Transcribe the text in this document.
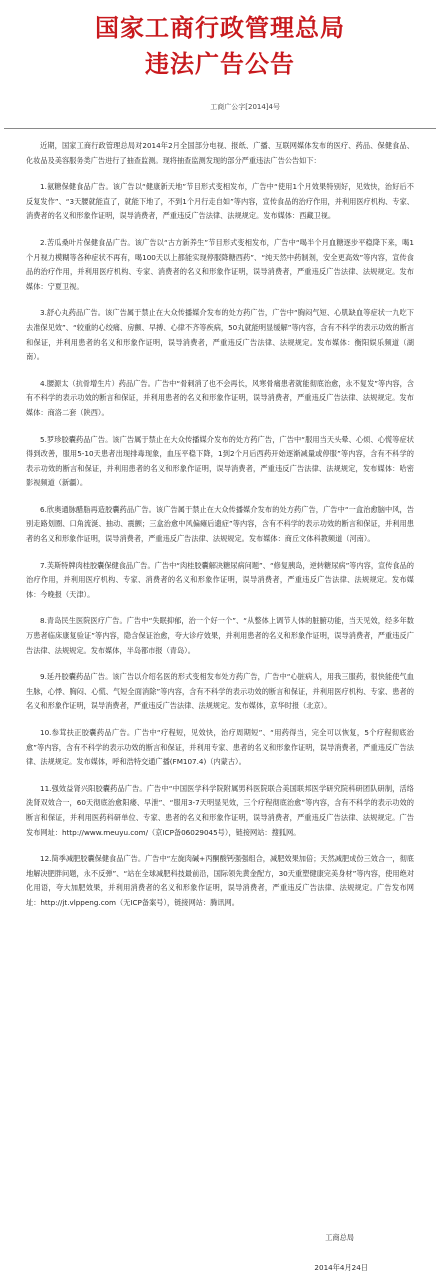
国家工商行政管理总局
违法广告公告
工商广公字[2014]4号

近期，国家工商行政管理总局对2014年2月全国部分电视、报纸、广播、互联网媒体发布的医疗、药品、保健食品、化妆品及美容服务类广告进行了抽查监测。现将抽查监测发现的部分严重违法广告公告如下：

1.氨糖保健食品广告。该广告以“健康新天地”节目形式变相发布，广告中“使用1个月效果特别好，见效快，治好后不反复发作”、“3天腰就能直了，就能下地了，不到1个月行走自如”等内容，宣传食品的治疗作用，并利用医疗机构、专家、消费者的名义和形象作证明，误导消费者，严重违反广告法律、法规规定。发布媒体：西藏卫视。

2.苦瓜桑叶片保健食品广告。该广告以“古方新养生”节目形式变相发布，广告中“喝半个月血糖逐步平稳降下来，喝1个月视力模糊等各种症状不再有，喝100天以上都能实现停服降糖西药”、“纯天然中药制剂，安全更高效”等内容，宣传食品的治疗作用，并利用医疗机构、专家、消费者的名义和形象作证明，误导消费者，严重违反广告法律、法规规定。发布媒体：宁夏卫视。

3.舒心丸药品广告。该广告属于禁止在大众传播媒介发布的处方药广告，广告中“胸闷气短、心肌缺血等症状一九吃下去准保见效”、“较重的心绞痛、房颤、早搏、心律不齐等疾病，50丸就能明显缓解”等内容，含有不科学的表示功效的断言和保证，并利用患者的名义和形象作证明，误导消费者，严重违反广告法律、法规规定。发布媒体：衡阳娱乐频道（湖南）。

4.腰源太（抗骨增生片）药品广告。广告中“骨刺消了也不会再长，风寒骨痛患者就能彻底治愈，永不复发”等内容，含有不科学的表示功效的断言和保证，并利用患者的名义和形象作证明，误导消费者，严重违反广告法律、法规规定。发布媒体：商洛二套（陕西）。

5.罗珍胶囊药品广告。该广告属于禁止在大众传播媒介发布的处方药广告，广告中“服用当天头晕、心烦、心慌等症状得到改善，服用5-10天患者出现排毒现象，血压平稳下降，1到2个月后西药开始逐渐减量或停服”等内容，含有不科学的表示功效的断言和保证，并利用患者的名义和形象作证明，误导消费者，严重违反广告法律、法规规定，发布媒体：哈密影视频道（新疆）。

6.欣奥通脉醋脂再造胶囊药品广告。该广告属于禁止在大众传播媒介发布的处方药广告，广告中“一盒治愈脑中风，告别走路划圈、口角流涎、抽动、震颤；三盒治愈中风偏瘫后遗症”等内容，含有不科学的表示功效的断言和保证，并利用患者的名义和形象作证明，误导消费者，严重违反广告法律、法规规定。发布媒体：商丘文体科教频道（河南）。

7.芙斯特牌肉桂胶囊保健食品广告。广告中“肉桂胶囊解决糖尿病问题”、“修复胰岛，逆转糖尿病”等内容，宣传食品的治疗作用，并利用医疗机构、专家、消费者的名义和形象作证明，误导消费者，严重违反广告法律、法规规定。发布媒体：今晚报（天津）。

8.青岛民生医院医疗广告。广告中“失眠抑郁，治一个好一个”、“从整体上调节人体的脏腑功能，当天见效，经多年数万患者临床康复验证”等内容，隐含保证治愈，夸大诊疗效果，并利用患者的名义和形象作证明，误导消费者，严重违反广告法律、法规规定。发布媒体，半岛都市报（青岛）。

9.延丹胶囊药品广告。该广告以介绍名医的形式变相发布处方药广告，广告中“心脏病人，用我三服药，很快能使气血生脉，心悸、胸闷、心慌、气短全面消除”等内容，含有不科学的表示功效的断言和保证，并利用医疗机构、专家、患者的名义和形象作证明，误导消费者，严重违反广告法律、法规规定。发布媒体，京华时报（北京）。

10.参茸扶正胶囊药品广告。广告中“疗程短，见效快，治疗周期短”、“用药得当，完全可以恢复，5个疗程彻底治愈”等内容，含有不科学的表示功效的断言和保证，并利用专家、患者的名义和形象作证明，误导消费者，严重违反广告法律、法规规定。发布媒体，呼和浩特交通广播(FM107.4)（内蒙古）。

11.强效益肾兴阳胶囊药品广告。广告中“中国医学科学院附属男科医院联合美国联邦医学研究院科研团队研制，活络洗肾双效合一，60天彻底治愈阳痿、早泄”、“服用3-7天明显见效，三个疗程彻底治愈”等内容，含有不科学的表示功效的断言和保证，并利用医药科研单位、专家、患者的名义和形象作证明，误导消费者，严重违反广告法律、法规规定。广告发布网址：http://www.meuyu.com/（京ICP备06029045号），链接网站：搜狐网。

12.简季减肥胶囊保健食品广告。广告中“左旋肉碱+丙酮酸钙强强组合，减肥效果加倍；天然减肥成份三效合一，彻底地解决肥胖问题，永不反弹”、“站在全球减肥科技最前沿，国际领先黄金配方，30天重塑健康完美身材”等内容，使用绝对化用语，夸大加肥效果，并利用消费者的名义和形象作证明，误导消费者，严重违反广告法律、法规规定。广告发布网址：http://jt.vlppeng.com（无ICP备案号），链接网站：腾讯网。

工商总局
2014年4月24日
